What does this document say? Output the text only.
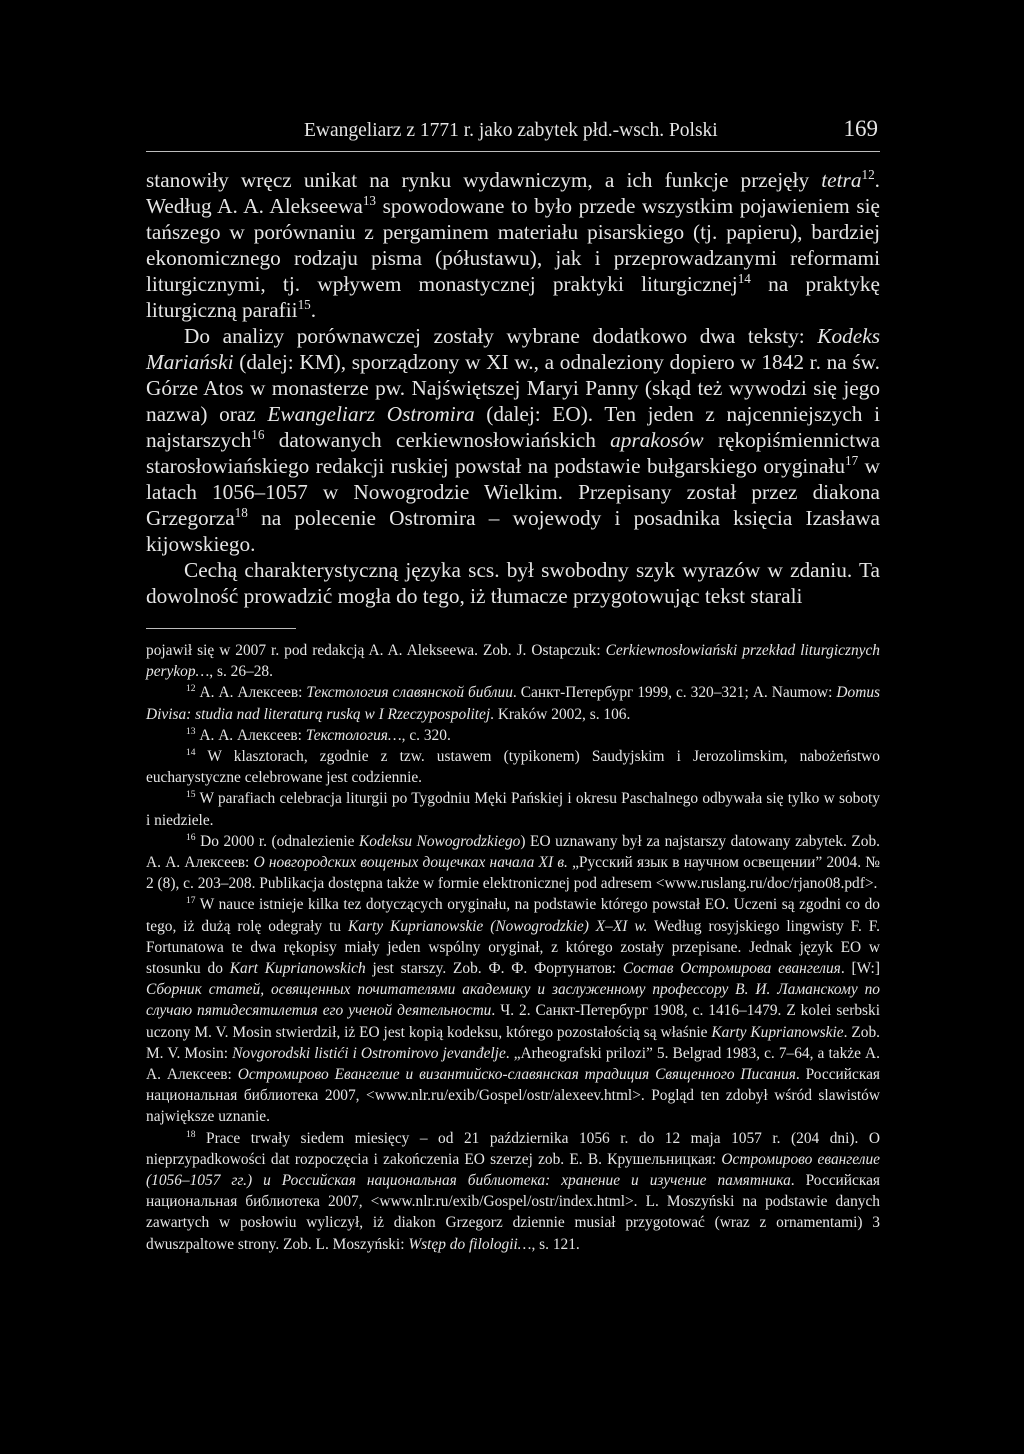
Ewangeliarz z 1771 r. jako zabytek płd.-wsch. Polski	169

stanowiły wręcz unikat na rynku wydawniczym, a ich funkcje przejęły tetra$^{12}$. Według A. A. Alekseewa$^{13}$ spowodowane to było przede wszystkim pojawieniem się tańszego w porównaniu z pergaminem materiału pisarskiego (tj. papieru), bardziej ekonomicznego rodzaju pisma (półustawu), jak i przeprowadzanymi reformami liturgicznymi, tj. wpływem monastycznej praktyki liturgicznej$^{14}$ na praktykę liturgiczną parafii$^{15}$.

Do analizy porównawczej zostały wybrane dodatkowo dwa teksty: Kodeks Mariański (dalej: KM), sporządzony w XI w., a odnaleziony dopiero w 1842 r. na św. Górze Atos w monasterze pw. Najświętszej Maryi Panny (skąd też wywodzi się jego nazwa) oraz Ewangeliarz Ostromira (dalej: EO). Ten jeden z najcenniejszych i najstarszych$^{16}$ datowanych cerkiewnosłowiańskich aprakosów rękopiśmiennictwa starosłowiańskiego redakcji ruskiej powstał na podstawie bułgarskiego oryginału$^{17}$ w latach 1056–1057 w Nowogrodzie Wielkim. Przepisany został przez diakona Grzegorza$^{18}$ na polecenie Ostromira – wojewody i posadnika księcia Izasława kijowskiego.

Cechą charakterystyczną języka scs. był swobodny szyk wyrazów w zdaniu. Ta dowolność prowadzić mogła do tego, iż tłumacze przygotowując tekst starali

pojawił się w 2007 r. pod redakcją A. A. Alekseewa. Zob. J. Ostapczuk: Cerkiewnosłowiański przekład liturgicznych perykop…, s. 26–28.

$^{12}$ А. А. Алексеев: Текстология славянской библии. Санкт-Петербург 1999, с. 320–321; A. Naumow: Domus Divisa: studia nad literaturą ruską w I Rzeczypospolitej. Kraków 2002, s. 106.

$^{13}$ А. А. Алексеев: Текстология…, с. 320.

$^{14}$ W klasztorach, zgodnie z tzw. ustawem (typikonem) Saudyjskim i Jerozolimskim, nabożeństwo eucharystyczne celebrowane jest codziennie.

$^{15}$ W parafiach celebracja liturgii po Tygodniu Męki Pańskiej i okresu Paschalnego odbywała się tylko w soboty i niedziele.

$^{16}$ Do 2000 r. (odnalezienie Kodeksu Nowogrodzkiego) EO uznawany był za najstarszy datowany zabytek. Zob. А. А. Алексеев: О новгородских вощеных дощечках начала XI в. „Русский язык в научном освещении” 2004. № 2 (8), с. 203–208. Publikacja dostępna także w formie elektronicznej pod adresem <www.ruslang.ru/doc/rjano08.pdf>.

$^{17}$ W nauce istnieje kilka tez dotyczących oryginału, na podstawie którego powstał EO. Uczeni są zgodni co do tego, iż dużą rolę odegrały tu Karty Kuprianowskie (Nowogrodzkie) X–XI w. Według rosyjskiego lingwisty F. F. Fortunatowa te dwa rękopisy miały jeden wspólny oryginał, z którego zostały przepisane. Jednak język EO w stosunku do Kart Kuprianowskich jest starszy. Zob. Ф. Ф. Фортунатов: Состав Остромирова евангелия. [W:] Сборник статей, освященных почитателями академику и заслуженному профессору В. И. Ламанскому по случаю пятидесятилетия его ученой деятельности. Ч. 2. Санкт-Петербург 1908, с. 1416–1479. Z kolei serbski uczony M. V. Mosin stwierdził, iż EO jest kopią kodeksu, którego pozostałością są właśnie Karty Kuprianowskie. Zob. M. V. Mosin: Novgorodski listići i Ostromirovo jevanđelje. „Arheografski prilozi” 5. Belgrad 1983, c. 7–64, a także А. А. Алексеев: Остромирово Евангелие и византийско-славянская традиция Священного Писания. Российская национальная библиотека 2007, <www.nlr.ru/exib/Gospel/ostr/alexeev.html>. Pogląd ten zdobył wśród slawistów największe uznanie.

$^{18}$ Prace trwały siedem miesięcy – od 21 października 1056 r. do 12 maja 1057 r. (204 dni). O nieprzypadkowości dat rozpoczęcia i zakończenia EO szerzej zob. Е. В. Крушельницкая: Остромирово евангелие (1056–1057 гг.) и Российская национальная библиотека: хранение и изучение памятника. Российская национальная библиотека 2007, <www.nlr.ru/exib/Gospel/ostr/index.html>. L. Moszyński na podstawie danych zawartych w posłowiu wyliczył, iż diakon Grzegorz dziennie musiał przygotować (wraz z ornamentami) 3 dwuszpaltowe strony. Zob. L. Moszyński: Wstęp do filologii…, s. 121.
